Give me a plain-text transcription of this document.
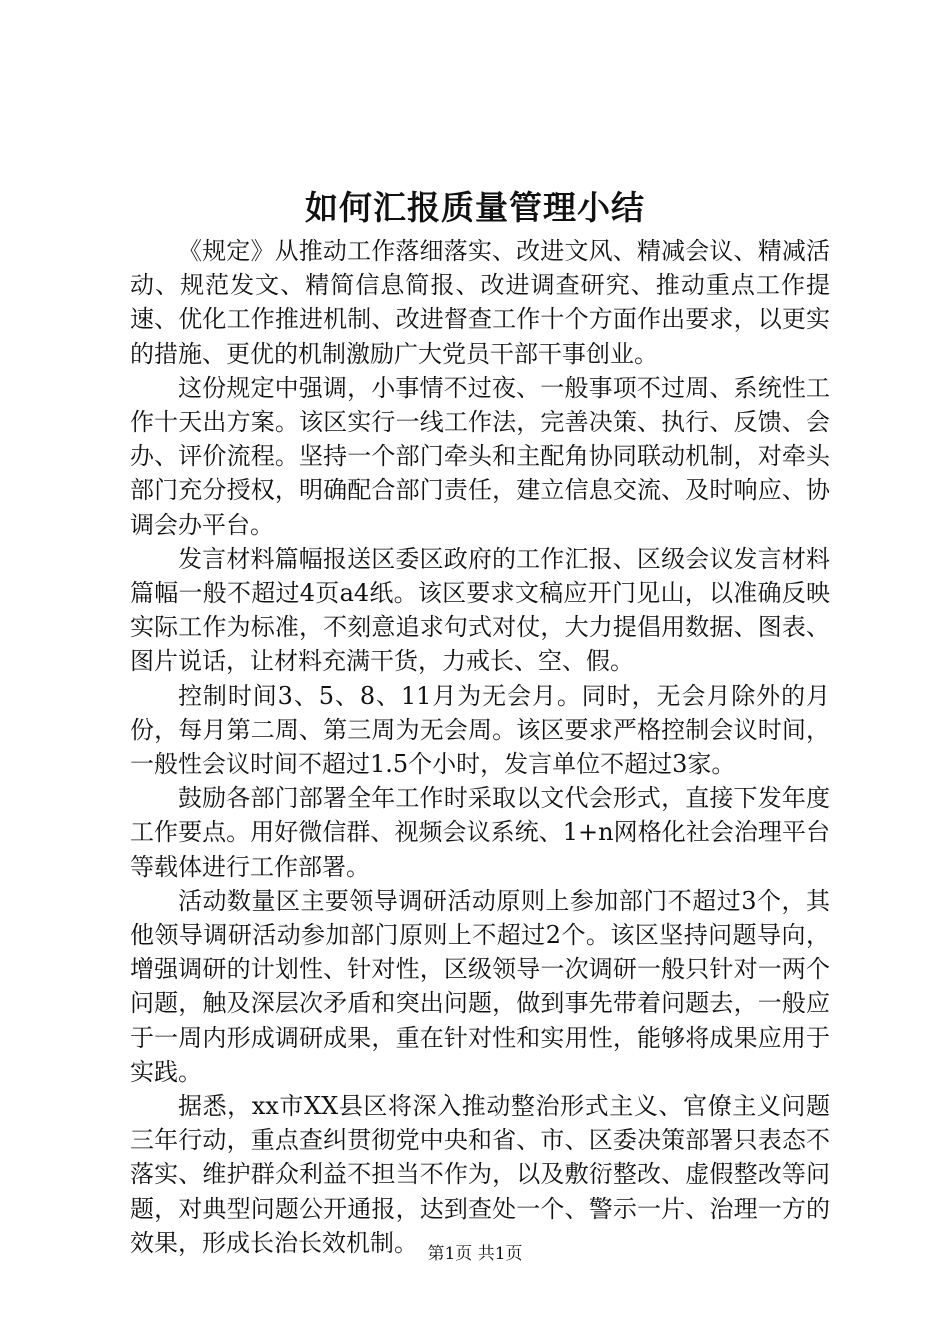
如何汇报质量管理小结

《规定》从推动工作落细落实、改进文风、精减会议、精减活动、规范发文、精简信息简报、改进调查研究、推动重点工作提速、优化工作推进机制、改进督查工作十个方面作出要求，以更实的措施、更优的机制激励广大党员干部干事创业。

这份规定中强调，小事情不过夜、一般事项不过周、系统性工作十天出方案。该区实行一线工作法，完善决策、执行、反馈、会办、评价流程。坚持一个部门牵头和主配角协同联动机制，对牵头部门充分授权，明确配合部门责任，建立信息交流、及时响应、协调会办平台。

发言材料篇幅报送区委区政府的工作汇报、区级会议发言材料篇幅一般不超过4页a4纸。该区要求文稿应开门见山，以准确反映实际工作为标准，不刻意追求句式对仗，大力提倡用数据、图表、图片说话，让材料充满干货，力戒长、空、假。

控制时间3、5、8、11月为无会月。同时，无会月除外的月份，每月第二周、第三周为无会周。该区要求严格控制会议时间，一般性会议时间不超过1.5个小时，发言单位不超过3家。

鼓励各部门部署全年工作时采取以文代会形式，直接下发年度工作要点。用好微信群、视频会议系统、1+n网格化社会治理平台等载体进行工作部署。

活动数量区主要领导调研活动原则上参加部门不超过3个，其他领导调研活动参加部门原则上不超过2个。该区坚持问题导向，增强调研的计划性、针对性，区级领导一次调研一般只针对一两个问题，触及深层次矛盾和突出问题，做到事先带着问题去，一般应于一周内形成调研成果，重在针对性和实用性，能够将成果应用于实践。

据悉，xx市XX县区将深入推动整治形式主义、官僚主义问题三年行动，重点查纠贯彻党中央和省、市、区委决策部署只表态不落实、维护群众利益不担当不作为，以及敷衍整改、虚假整改等问题，对典型问题公开通报，达到查处一个、警示一片、治理一方的效果，形成长治长效机制。 第1页 共1页
